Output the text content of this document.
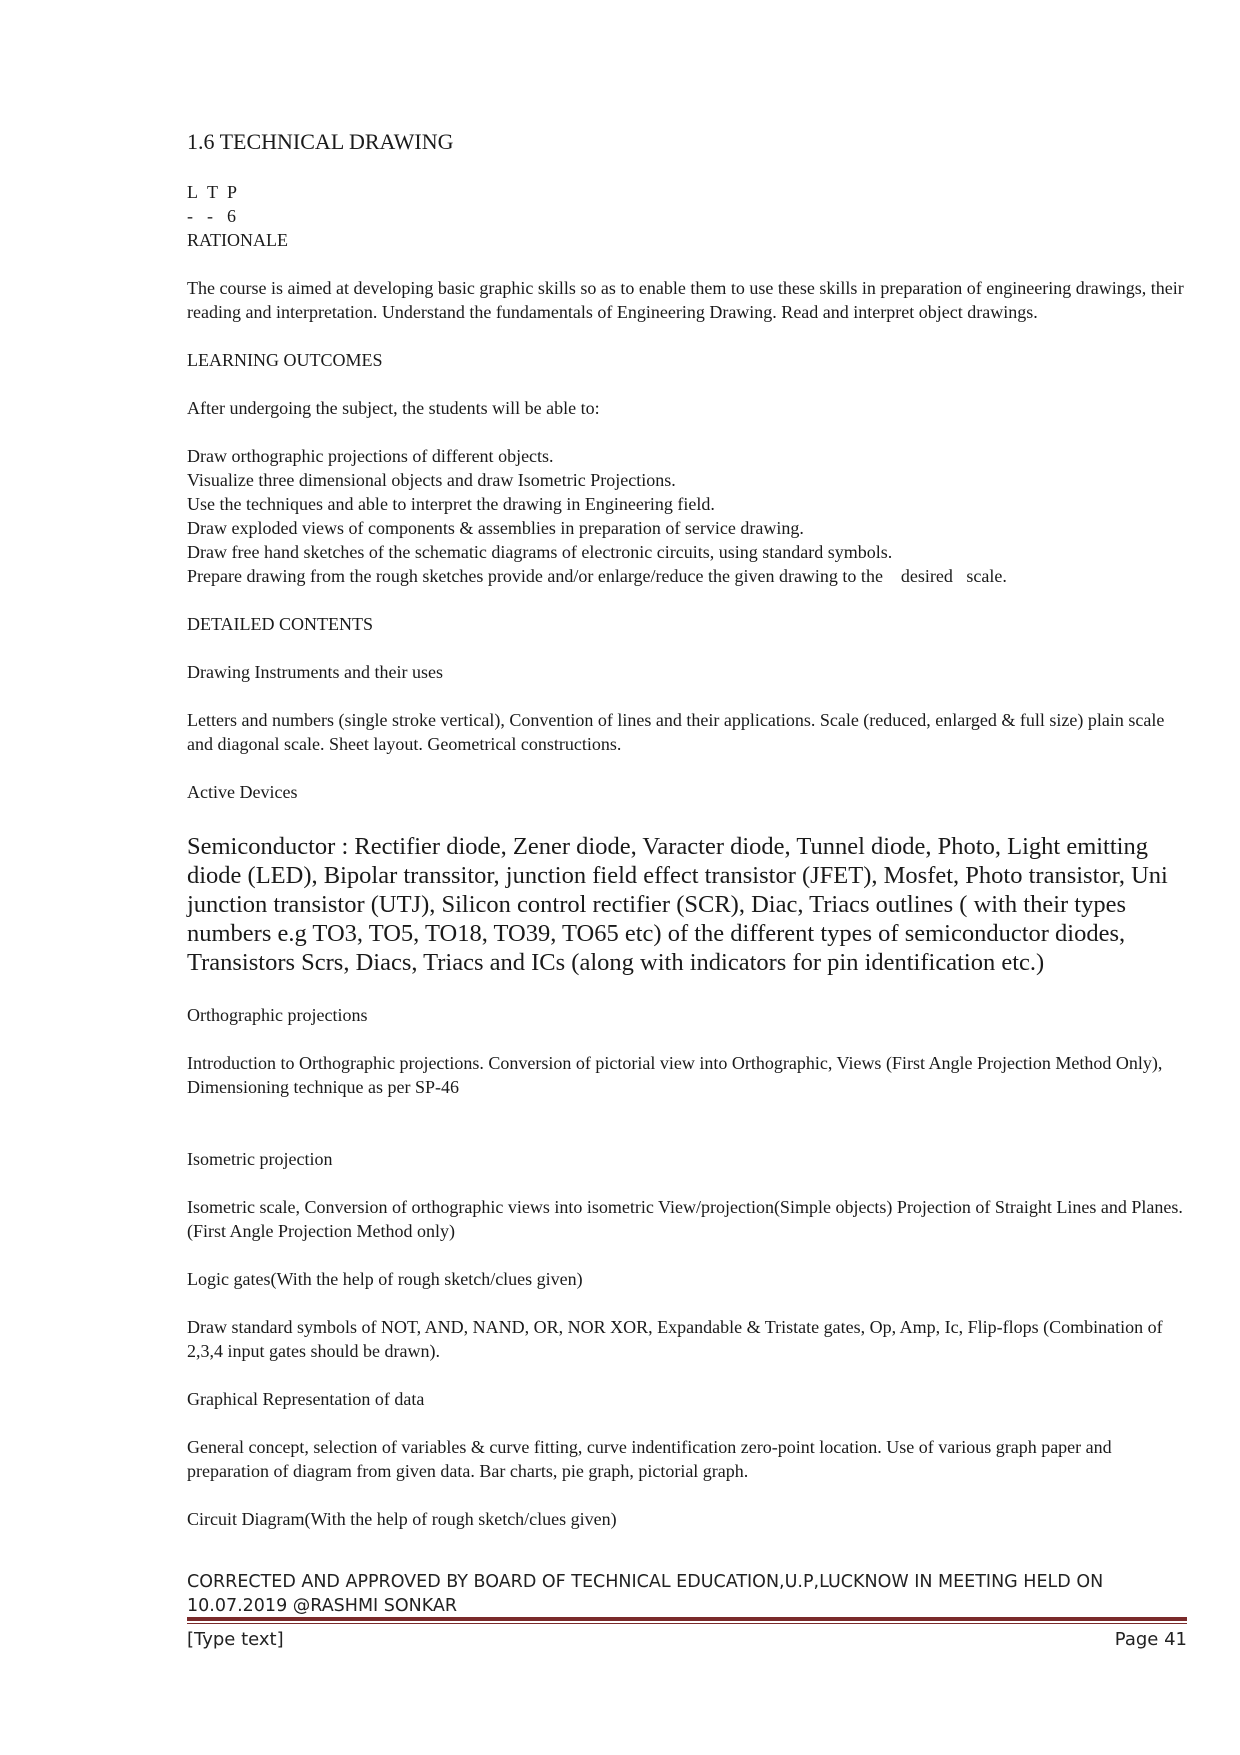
1.6 TECHNICAL DRAWING
L T P
- - 6

RATIONALE

The course is aimed at developing basic graphic skills so as to enable them to use these skills in preparation of engineering drawings, their reading and interpretation. Understand the fundamentals of Engineering Drawing. Read and interpret object drawings.

LEARNING OUTCOMES

After undergoing the subject, the students will be able to:

Draw orthographic projections of different objects.

Visualize three dimensional objects and draw Isometric Projections.

Use the techniques and able to interpret the drawing in Engineering field.

Draw exploded views of components & assemblies in preparation of service drawing.

Draw free hand sketches of the schematic diagrams of electronic circuits, using standard symbols.

Prepare drawing from the rough sketches provide and/or enlarge/reduce the given drawing to the    desired   scale.

DETAILED CONTENTS

Drawing Instruments and their uses

Letters and numbers (single stroke vertical), Convention of lines and their applications. Scale (reduced, enlarged & full size) plain scale and diagonal scale. Sheet layout. Geometrical constructions.

Active Devices

Semiconductor : Rectifier diode, Zener diode, Varacter diode, Tunnel diode, Photo, Light emitting diode (LED), Bipolar transsitor, junction field effect transistor (JFET), Mosfet, Photo transistor, Uni junction transistor (UTJ), Silicon control rectifier (SCR), Diac, Triacs outlines ( with their types numbers e.g TO3, TO5, TO18, TO39, TO65 etc) of the different types of semiconductor diodes, Transistors Scrs, Diacs, Triacs and ICs (along with indicators for pin identification etc.)

Orthographic projections

Introduction to Orthographic projections. Conversion of pictorial view into Orthographic, Views (First Angle Projection Method Only), Dimensioning technique as per SP-46

Isometric projection

Isometric scale, Conversion of orthographic views into isometric View/projection(Simple objects) Projection of Straight Lines and Planes. (First Angle Projection Method only)

Logic gates(With the help of rough sketch/clues given)

Draw standard symbols of NOT, AND, NAND, OR, NOR XOR, Expandable & Tristate gates, Op, Amp, Ic, Flip-flops (Combination of 2,3,4 input gates should be drawn).

Graphical Representation of data

General concept, selection of variables & curve fitting, curve indentification zero-point location. Use of various graph paper and preparation of diagram from given data. Bar charts, pie graph, pictorial graph.

Circuit Diagram(With the help of rough sketch/clues given)

CORRECTED AND APPROVED BY BOARD OF TECHNICAL EDUCATION,U.P,LUCKNOW IN MEETING HELD ON 10.07.2019 @RASHMI SONKAR
[Type text]	Page 41
